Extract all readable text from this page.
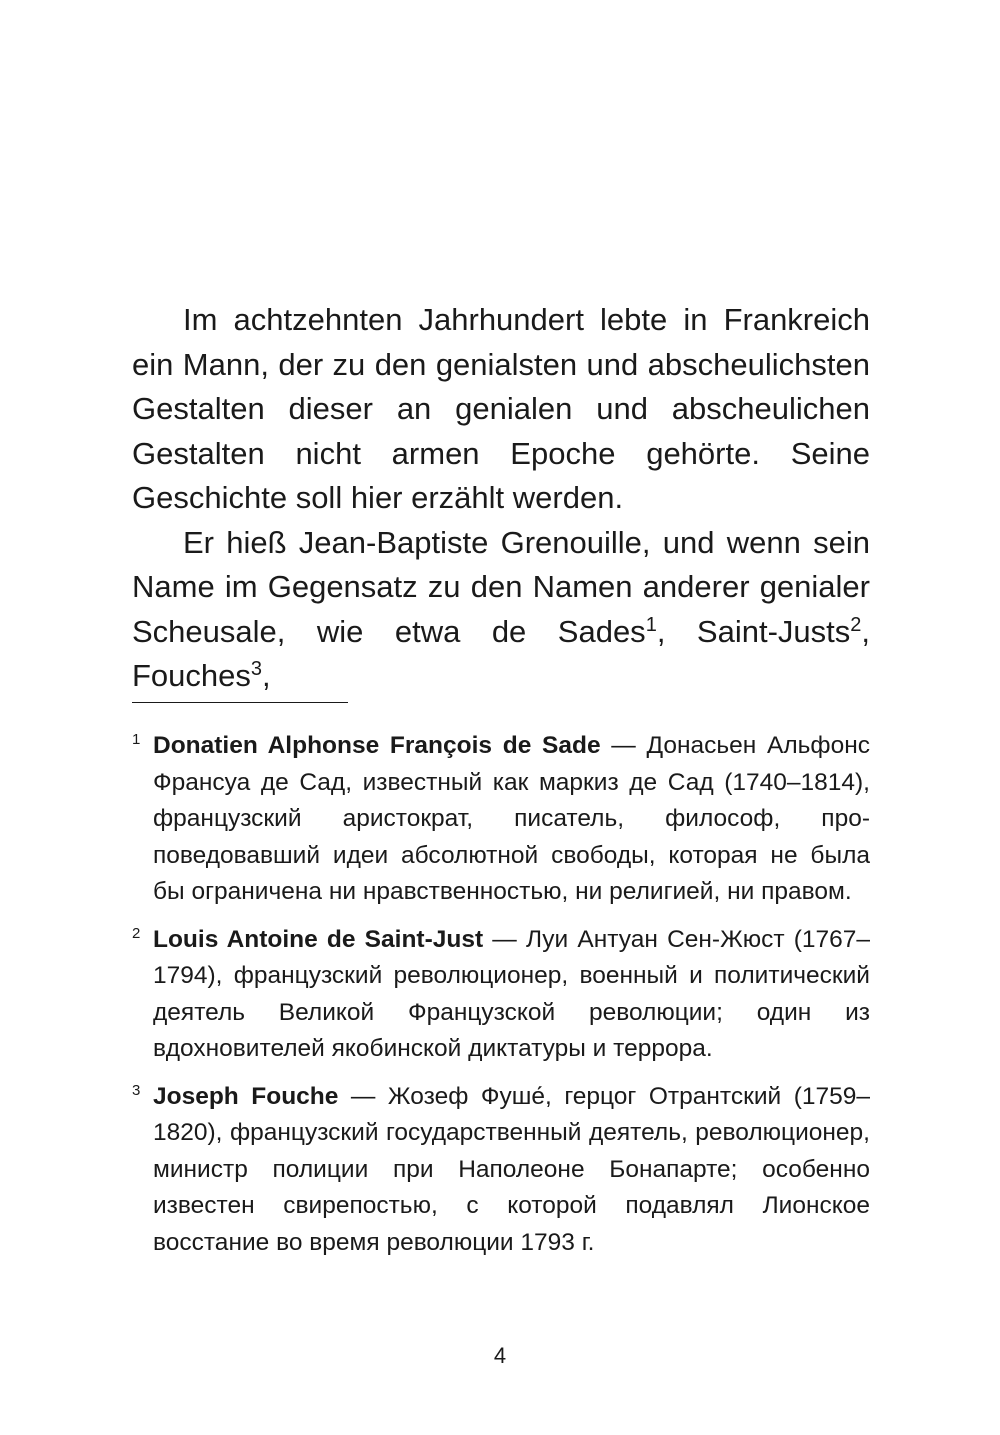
Im achtzehnten Jahrhundert lebte in Frankreich ein Mann, der zu den genialsten und abscheulichsten Gestalten dieser an genialen und abscheulichen Gestalten nicht armen Epoche gehörte. Seine Geschichte soll hier erzählt werden.

Er hieß Jean-Baptiste Grenouille, und wenn sein Name im Gegensatz zu den Namen anderer genialer Scheusale, wie etwa de Sades$^1$, Saint-Justs$^2$, Fouches$^3$,

1 Donatien Alphonse François de Sade — Донасьен Альфонс Франсуа де Сад, известный как маркиз де Сад (1740–1814), французский аристократ, писатель, философ, проповедовавший идеи абсолютной свободы, которая не была бы ограничена ни нравственностью, ни религией, ни правом.
2 Louis Antoine de Saint-Just — Луи Антуан Сен-Жюст (1767–1794), французский революционер, военный и политический деятель Великой Французской революции; один из вдохновителей якобинской диктатуры и террора.
3 Joseph Fouche — Жозеф Фуше́, герцог Отрантский (1759–1820), французский государственный деятель, революционер, министр полиции при Наполеоне Бонапарте; особенно известен свирепостью, с которой подавлял Лионское восстание во время революции 1793 г.
4
